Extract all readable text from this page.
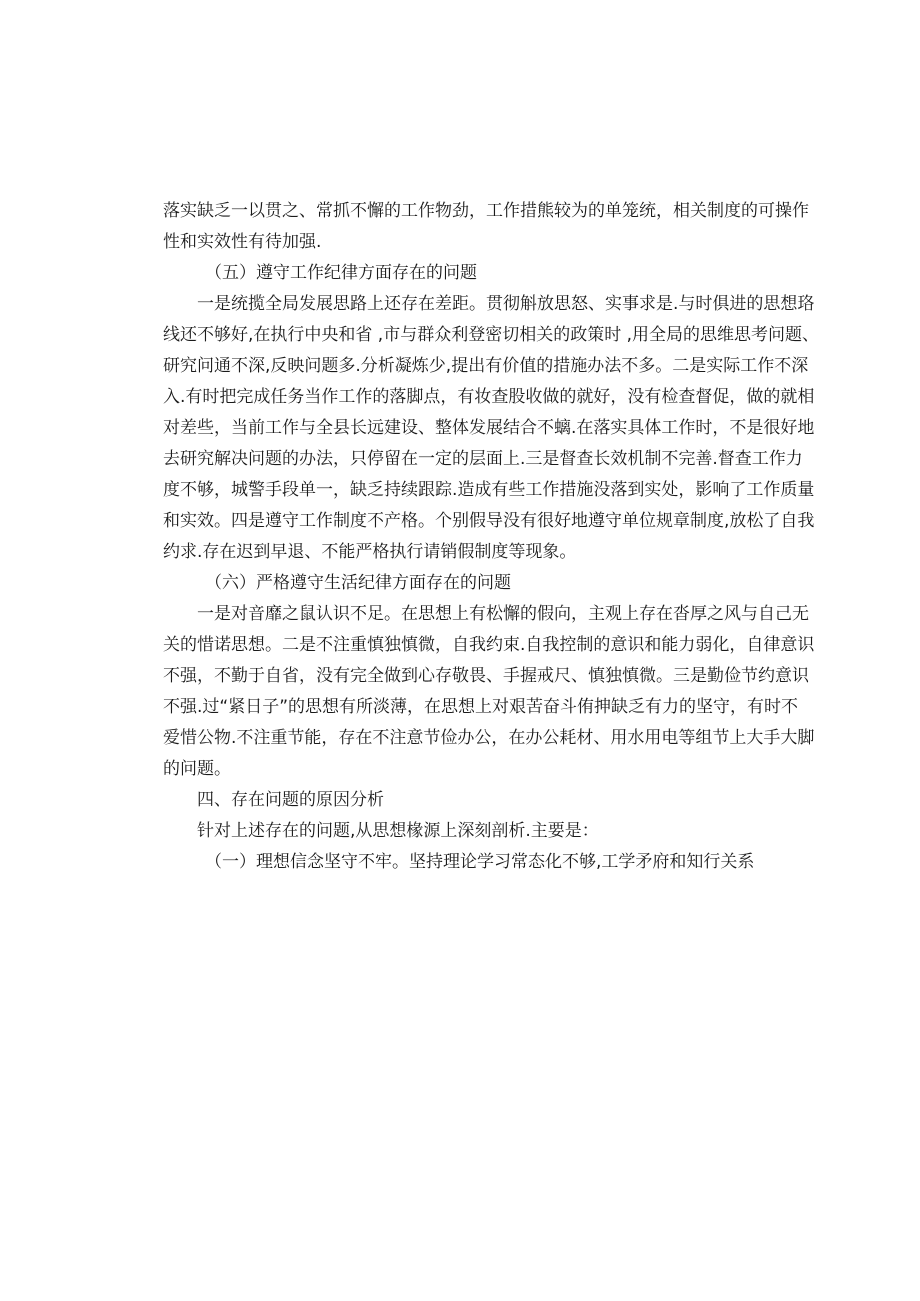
落实缺乏一以贯之、常抓不懈的工作物劲，工作措熊较为的单笼统，相关制度的可操作
性和实效性有待加强.
（五）遵守工作纪律方面存在的问题
一是统揽全局发展思路上还存在差距。贯彻斛放思怒、实事求是.与时俱进的思想珞
线还不够好,在执行中央和省 ,市与群众利登密切相关的政策时 ,用全局的思维思考问题、
研究问通不深,反映问题多.分析凝炼少,提出有价值的措施办法不多。二是实际工作不深
入.有时把完成任务当作工作的落脚点，有妆查股收做的就好，没有检查督促，做的就相
对差些，当前工作与全县长远建设、整体发展结合不螭.在落实具体工作时，不是很好地
去研究解决问题的办法，只停留在一定的层面上.三是督查长效机制不完善.督查工作力
度不够，城警手段单一，缺乏持续跟踪.造成有些工作措施没落到实处，影响了工作质量
和实效。四是遵守工作制度不产格。个别假导没有很好地遵守单位规章制度,放松了自我
约求.存在迟到早退、不能严格执行请销假制度等现象。
（六）严格遵守生活纪律方面存在的问题
一是对音靡之鼠认识不足。在思想上有松懈的假向，主观上存在沓厚之风与自己无
关的惜诺思想。二是不注重慎独慎微，自我约束.自我控制的意识和能力弱化，自律意识
不强，不勤于自省，没有完全做到心存敬畏、手握戒尺、慎独慎微。三是勤俭节约意识
不强.过“紧日子”的思想有所淡薄，在思想上对艰苦奋斗侑抻缺乏有力的坚守，有时不
爱惜公物.不注重节能，存在不注意节俭办公，在办公耗材、用水用电等组节上大手大脚
的问题。
四、存在问题的原因分析
针对上述存在的问题,从思想椽源上深刻剖析.主要是：
（一）理想信念坚守不牢。坚持理论学习常态化不够,工学矛府和知行关系
